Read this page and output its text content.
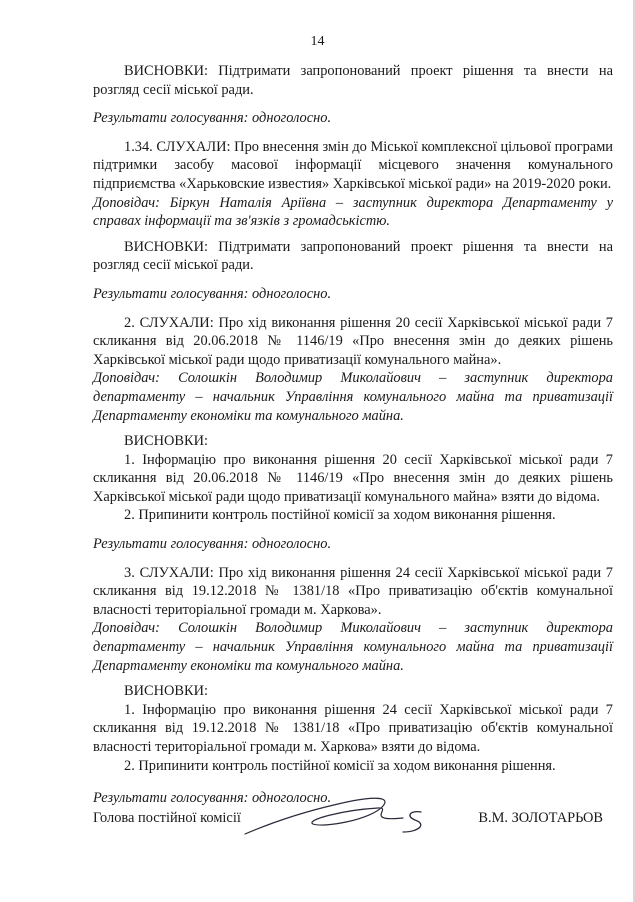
14

ВИСНОВКИ: Підтримати запропонований проект рішення та внести на розгляд сесії міської ради.

Результати голосування: одноголосно.

1.34. СЛУХАЛИ: Про внесення змін до Міської комплексної цільової програми підтримки засобу масової інформації місцевого значення комунального підприємства «Харьковские известия» Харківської міської ради» на 2019-2020 роки.

Доповідач: Біркун Наталія Аріївна – заступник директора Департаменту у справах інформації та зв'язків з громадськістю.

ВИСНОВКИ: Підтримати запропонований проект рішення та внести на розгляд сесії міської ради.

Результати голосування: одноголосно.

2. СЛУХАЛИ: Про хід виконання рішення 20 сесії Харківської міської ради 7 скликання від 20.06.2018 № 1146/19 «Про внесення змін до деяких рішень Харківської міської ради щодо приватизації комунального майна».

Доповідач: Солошкін Володимир Миколайович – заступник директора департаменту – начальник Управління комунального майна та приватизації Департаменту економіки та комунального майна.

ВИСНОВКИ:

1. Інформацію про виконання рішення 20 сесії Харківської міської ради 7 скликання від 20.06.2018 № 1146/19 «Про внесення змін до деяких рішень Харківської міської ради щодо приватизації комунального майна» взяти до відома.

2. Припинити контроль постійної комісії за ходом виконання рішення.

Результати голосування: одноголосно.

3. СЛУХАЛИ: Про хід виконання рішення 24 сесії Харківської міської ради 7 скликання від 19.12.2018 № 1381/18 «Про приватизацію об'єктів комунальної власності територіальної громади м. Харкова».

Доповідач: Солошкін Володимир Миколайович – заступник директора департаменту – начальник Управління комунального майна та приватизації Департаменту економіки та комунального майна.

ВИСНОВКИ:

1. Інформацію про виконання рішення 24 сесії Харківської міської ради 7 скликання від 19.12.2018 № 1381/18 «Про приватизацію об'єктів комунальної власності територіальної громади м. Харкова» взяти до відома.

2. Припинити контроль постійної комісії за ходом виконання рішення.

Результати голосування: одноголосно.

Голова постійної комісії	В.М. ЗОЛОТАРЬОВ
